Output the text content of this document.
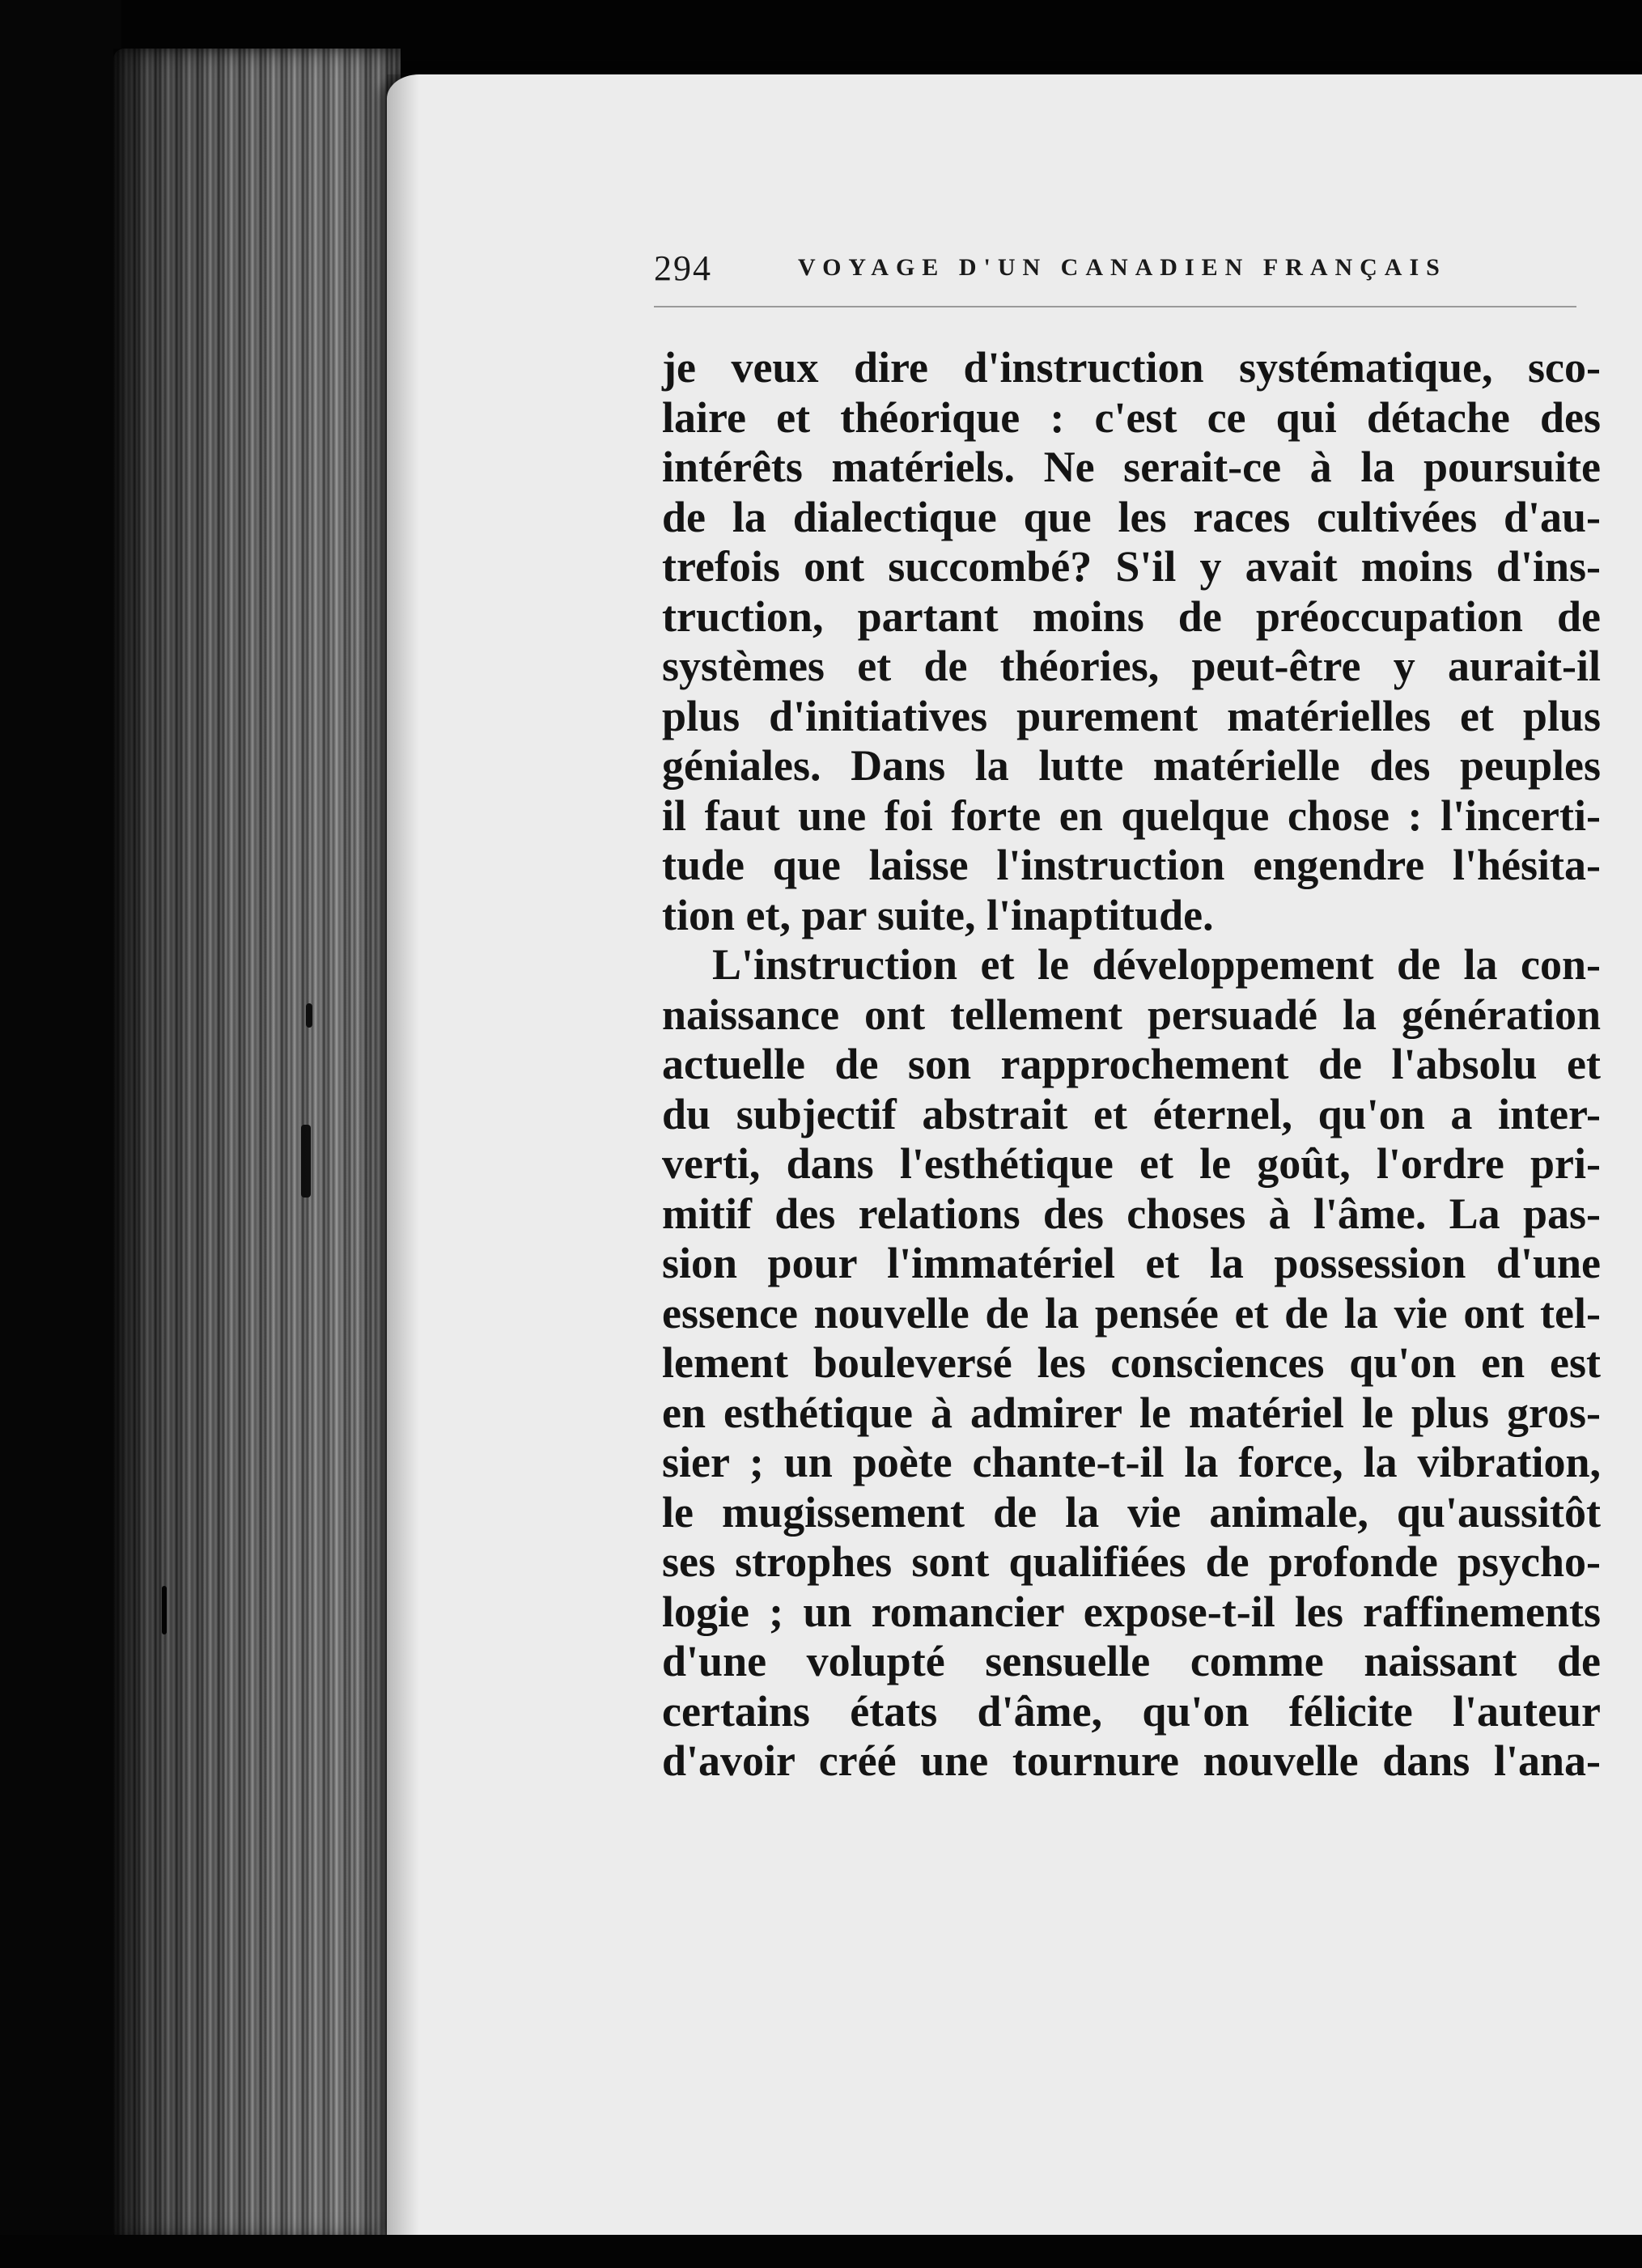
294	VOYAGE D'UN CANADIEN FRANÇAIS
je veux dire d'instruction systématique, sco-
laire et théorique : c'est ce qui détache des
intérêts matériels. Ne serait-ce à la poursuite
de la dialectique que les races cultivées d'au-
trefois ont succombé? S'il y avait moins d'ins-
truction, partant moins de préoccupation de
systèmes et de théories, peut-être y aurait-il
plus d'initiatives purement matérielles et plus
géniales. Dans la lutte matérielle des peuples
il faut une foi forte en quelque chose : l'incerti-
tude que laisse l'instruction engendre l'hésita-
tion et, par suite, l'inaptitude.
L'instruction et le développement de la con-
naissance ont tellement persuadé la génération
actuelle de son rapprochement de l'absolu et
du subjectif abstrait et éternel, qu'on a inter-
verti, dans l'esthétique et le goût, l'ordre pri-
mitif des relations des choses à l'âme. La pas-
sion pour l'immatériel et la possession d'une
essence nouvelle de la pensée et de la vie ont tel-
lement bouleversé les consciences qu'on en est
en esthétique à admirer le matériel le plus gros-
sier ; un poète chante-t-il la force, la vibration,
le mugissement de la vie animale, qu'aussitôt
ses strophes sont qualifiées de profonde psycho-
logie ; un romancier expose-t-il les raffinements
d'une volupté sensuelle comme naissant de
certains états d'âme, qu'on félicite l'auteur
d'avoir créé une tournure nouvelle dans l'ana-
